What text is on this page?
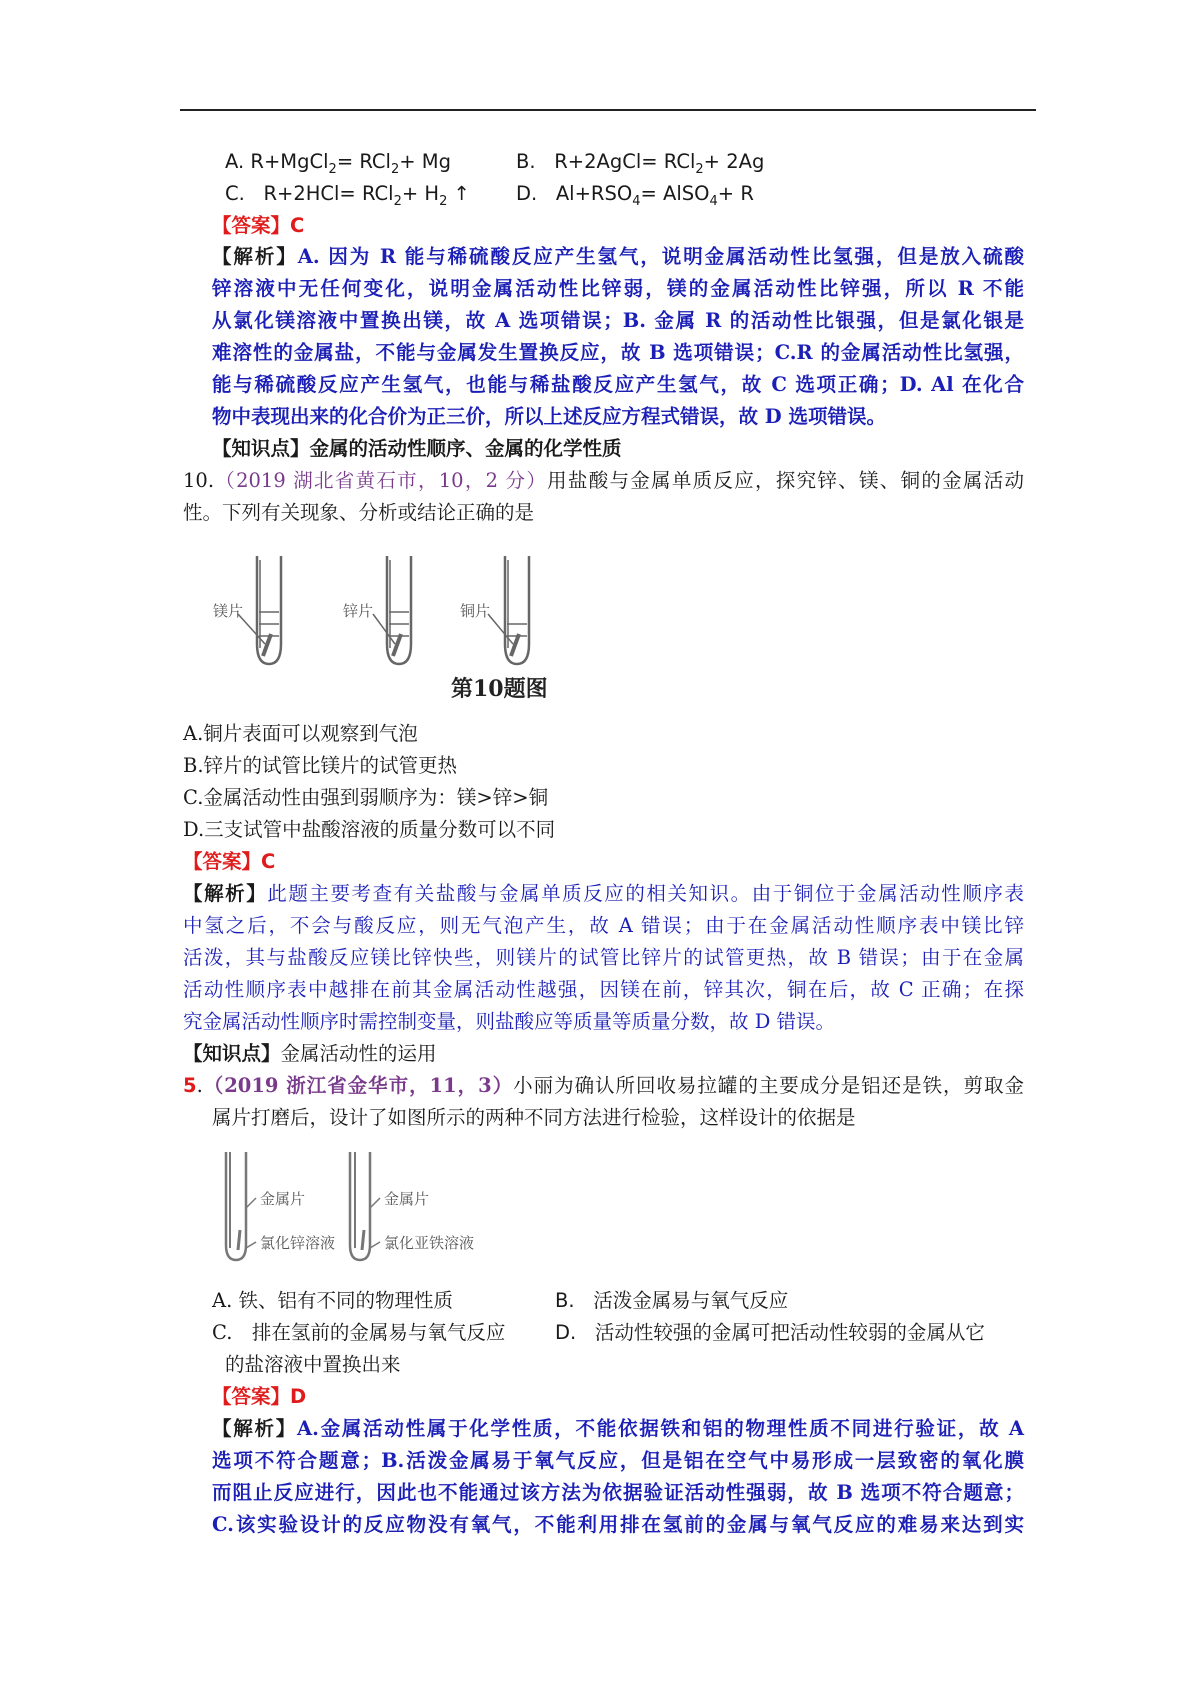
A. R+MgCl$_2$= RCl$_2$+ Mg	B. R+2AgCl= RCl$_2$+ 2Ag
C. $R+2HCl= RCl_2+ H_2$ ↑ D. $Al+RSO_4=$ AlSO$_4$+ R
【答案】C
【解析】A. 因为 R 能与稀硫酸反应产生氢气，说明金属活动性比氢强，但是放入硫酸
锌溶液中无任何变化，说明金属活动性比锌弱，镁的金属活动性比锌强，所以 R 不能
从氯化镁溶液中置换出镁，故 A 选项错误；B. 金属 R 的活动性比银强，但是氯化银是
难溶性的金属盐，不能与金属发生置换反应，故 B 选项错误；C.R 的金属活动性比氢强，
能与稀硫酸反应产生氢气，也能与稀盐酸反应产生氢气，故 C 选项正确；D. Al 在化合
物中表现出来的化合价为正三价，所以上述反应方程式错误，故 D 选项错误。
【知识点】金属的活动性顺序、金属的化学性质
10.（2019 湖北省黄石市，10，2 分）用盐酸与金属单质反应，探究锌、镁、铜的金属活动
性。下列有关现象、分析或结论正确的是
镁片	锌片	铜片
第10题图
A.铜片表面可以观察到气泡
B.锌片的试管比镁片的试管更热
C.金属活动性由强到弱顺序为：镁>锌>铜
D.三支试管中盐酸溶液的质量分数可以不同
【答案】C
【解析】此题主要考查有关盐酸与金属单质反应的相关知识。由于铜位于金属活动性顺序表
中氢之后，不会与酸反应，则无气泡产生，故 A 错误；由于在金属活动性顺序表中镁比锌
活泼，其与盐酸反应镁比锌快些，则镁片的试管比锌片的试管更热，故 B 错误；由于在金属
活动性顺序表中越排在前其金属活动性越强，因镁在前，锌其次，铜在后，故 C 正确；在探
究金属活动性顺序时需控制变量，则盐酸应等质量等质量分数，故 D 错误。
【知识点】金属活动性的运用
5.（2019 浙江省金华市，11，3）小丽为确认所回收易拉罐的主要成分是铝还是铁，剪取金
属片打磨后，设计了如图所示的两种不同方法进行检验，这样设计的依据是
金属片
氯化锌溶液
金属片
氯化亚铁溶液
A. 铁、铝有不同的物理性质	B. 活泼金属易与氧气反应
C.　排在氢前的金属易与氧气反应	D. 活动性较强的金属可把活动性较弱的金属从它
的盐溶液中置换出来
【答案】D
【解析】A.金属活动性属于化学性质，不能依据铁和铝的物理性质不同进行验证，故 A
选项不符合题意；B.活泼金属易于氧气反应，但是铝在空气中易形成一层致密的氧化膜
而阻止反应进行，因此也不能通过该方法为依据验证活动性强弱，故 B 选项不符合题意；
C.该实验设计的反应物没有氧气，不能利用排在氢前的金属与氧气反应的难易来达到实
